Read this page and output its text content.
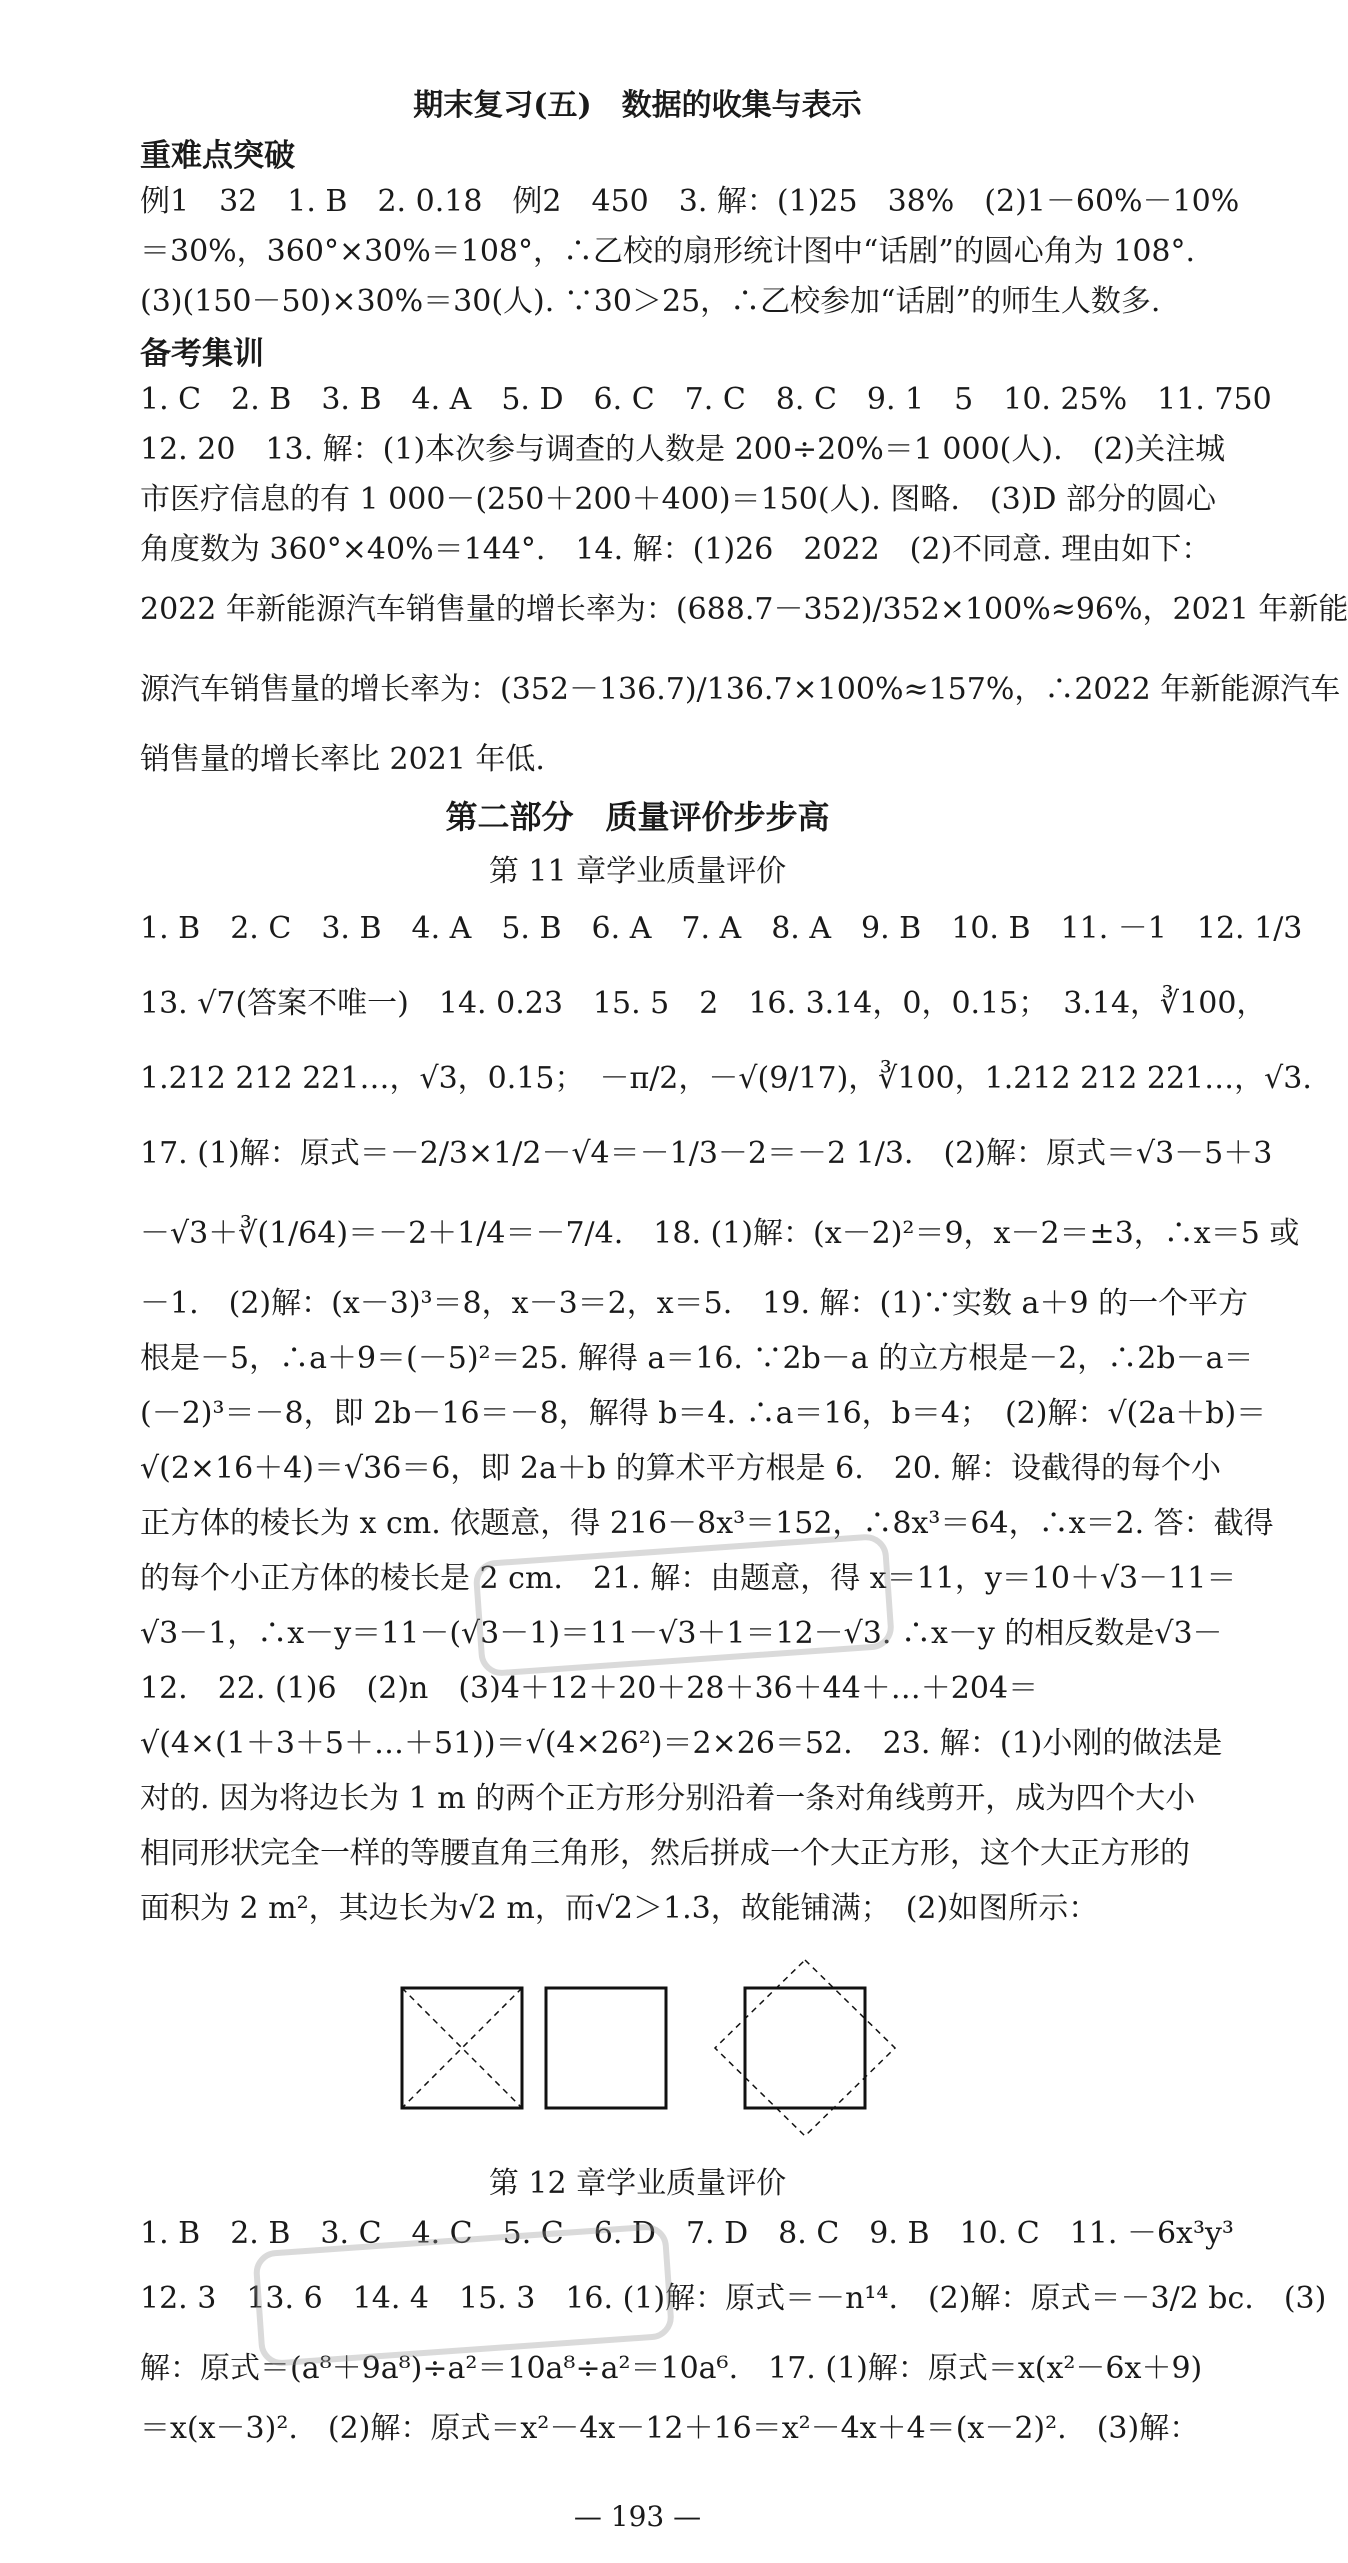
期末复习(五)　数据的收集与表示
重难点突破
例1　32　1. B　2. 0.18　例2　450　3. 解：(1)25　38%　(2)1－60%－10%
＝30%，360°×30%＝108°，∴乙校的扇形统计图中“话剧”的圆心角为 108°.
(3)(150－50)×30%＝30(人). ∵30＞25，∴乙校参加“话剧”的师生人数多.
备考集训
1. C　2. B　3. B　4. A　5. D　6. C　7. C　8. C　9. 1　5　10. 25%　11. 750
12. 20　13. 解：(1)本次参与调查的人数是 200÷20%＝1 000(人).　(2)关注城
市医疗信息的有 1 000－(250＋200＋400)＝150(人). 图略.　(3)D 部分的圆心
角度数为 360°×40%＝144°.　14. 解：(1)26　2022　(2)不同意. 理由如下：
2022 年新能源汽车销售量的增长率为：(688.7－352)/352×100%≈96%，2021 年新能
源汽车销售量的增长率为：(352－136.7)/136.7×100%≈157%，∴2022 年新能源汽车
销售量的增长率比 2021 年低.
第二部分　质量评价步步高
第 11 章学业质量评价
1. B　2. C　3. B　4. A　5. B　6. A　7. A　8. A　9. B　10. B　11. －1　12. 1/3
13. √7(答案不唯一)　14. 0.23　15. 5　2　16. 3.14，0，0.15；　3.14，∛100，
1.212 212 221…，√3，0.15；　－π/2，－√(9/17)，∛100，1.212 212 221…，√3.
17. (1)解：原式＝－2/3×1/2－√4＝－1/3－2＝－2 1/3.　(2)解：原式＝√3－5＋3
－√3＋∛(1/64)＝－2＋1/4＝－7/4.　18. (1)解：(x－2)²＝9，x－2＝±3，∴x＝5 或
－1.　(2)解：(x－3)³＝8，x－3＝2，x＝5.　19. 解：(1)∵实数 a＋9 的一个平方
根是－5，∴a＋9＝(－5)²＝25. 解得 a＝16. ∵2b－a 的立方根是－2，∴2b－a＝
(－2)³＝－8，即 2b－16＝－8，解得 b＝4. ∴a＝16，b＝4；　(2)解：√(2a＋b)＝
√(2×16＋4)＝√36＝6，即 2a＋b 的算术平方根是 6.　20. 解：设截得的每个小
正方体的棱长为 x cm. 依题意，得 216－8x³＝152，∴8x³＝64，∴x＝2. 答：截得
的每个小正方体的棱长是 2 cm.　21. 解：由题意，得 x＝11，y＝10＋√3－11＝
√3－1，∴x－y＝11－(√3－1)＝11－√3＋1＝12－√3. ∴x－y 的相反数是√3－
12.　22. (1)6　(2)n　(3)4＋12＋20＋28＋36＋44＋…＋204＝
√(4×(1＋3＋5＋…＋51))＝√(4×26²)＝2×26＝52.　23. 解：(1)小刚的做法是
对的. 因为将边长为 1 m 的两个正方形分别沿着一条对角线剪开，成为四个大小
相同形状完全一样的等腰直角三角形，然后拼成一个大正方形，这个大正方形的
面积为 2 m²，其边长为√2 m，而√2＞1.3，故能铺满；　(2)如图所示：
第 12 章学业质量评价
1. B　2. B　3. C　4. C　5. C　6. D　7. D　8. C　9. B　10. C　11. －6x³y³
12. 3　13. 6　14. 4　15. 3　16. (1)解：原式＝－n¹⁴.　(2)解：原式＝－3/2 bc.　(3)
解：原式＝(a⁸＋9a⁸)÷a²＝10a⁸÷a²＝10a⁶.　17. (1)解：原式＝x(x²－6x＋9)
＝x(x－3)².　(2)解：原式＝x²－4x－12＋16＝x²－4x＋4＝(x－2)².　(3)解：
— 193 —
